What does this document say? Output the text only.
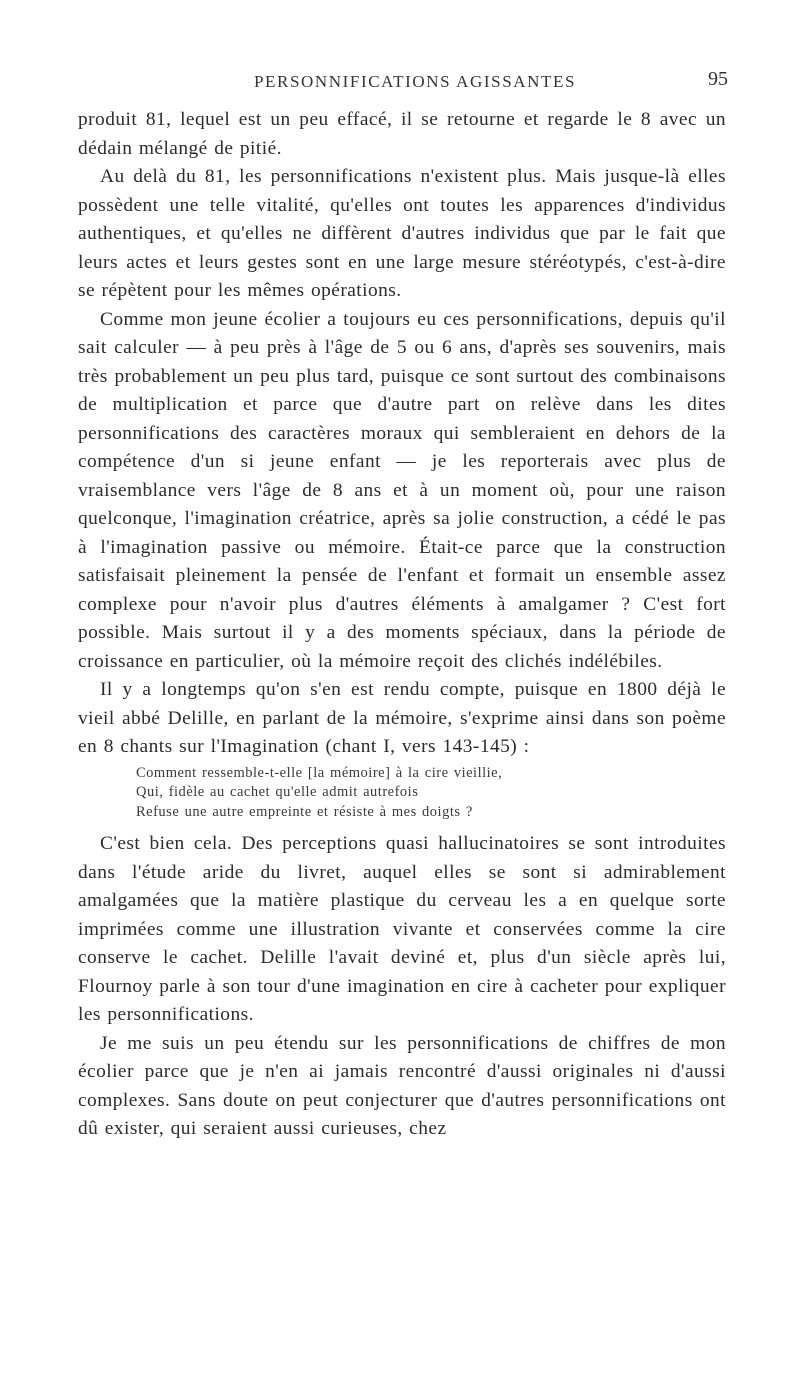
PERSONNIFICATIONS AGISSANTES	95

produit 81, lequel est un peu effacé, il se retourne et regarde le 8 avec un dédain mélangé de pitié.

Au delà du 81, les personnifications n'existent plus. Mais jusque-là elles possèdent une telle vitalité, qu'elles ont toutes les apparences d'individus authentiques, et qu'elles ne diffèrent d'autres individus que par le fait que leurs actes et leurs gestes sont en une large mesure stéréotypés, c'est-à-dire se répètent pour les mêmes opérations.

Comme mon jeune écolier a toujours eu ces personnifications, depuis qu'il sait calculer — à peu près à l'âge de 5 ou 6 ans, d'après ses souvenirs, mais très probablement un peu plus tard, puisque ce sont surtout des combinaisons de multiplication et parce que d'autre part on relève dans les dites personnifications des caractères moraux qui sembleraient en dehors de la compétence d'un si jeune enfant — je les reporterais avec plus de vraisemblance vers l'âge de 8 ans et à un moment où, pour une raison quelconque, l'imagination créatrice, après sa jolie construction, a cédé le pas à l'imagination passive ou mémoire. Était-ce parce que la construction satisfaisait pleinement la pensée de l'enfant et formait un ensemble assez complexe pour n'avoir plus d'autres éléments à amalgamer ? C'est fort possible. Mais surtout il y a des moments spéciaux, dans la période de croissance en particulier, où la mémoire reçoit des clichés indélébiles.

Il y a longtemps qu'on s'en est rendu compte, puisque en 1800 déjà le vieil abbé Delille, en parlant de la mémoire, s'exprime ainsi dans son poème en 8 chants sur l'Imagination (chant I, vers 143-145) :

Comment ressemble-t-elle [la mémoire] à la cire vieillie,
Qui, fidèle au cachet qu'elle admit autrefois
Refuse une autre empreinte et résiste à mes doigts ?

C'est bien cela. Des perceptions quasi hallucinatoires se sont introduites dans l'étude aride du livret, auquel elles se sont si admirablement amalgamées que la matière plastique du cerveau les a en quelque sorte imprimées comme une illustration vivante et conservées comme la cire conserve le cachet. Delille l'avait deviné et, plus d'un siècle après lui, Flournoy parle à son tour d'une imagination en cire à cacheter pour expliquer les personnifications.

Je me suis un peu étendu sur les personnifications de chiffres de mon écolier parce que je n'en ai jamais rencontré d'aussi originales ni d'aussi complexes. Sans doute on peut conjecturer que d'autres personnifications ont dû exister, qui seraient aussi curieuses, chez
